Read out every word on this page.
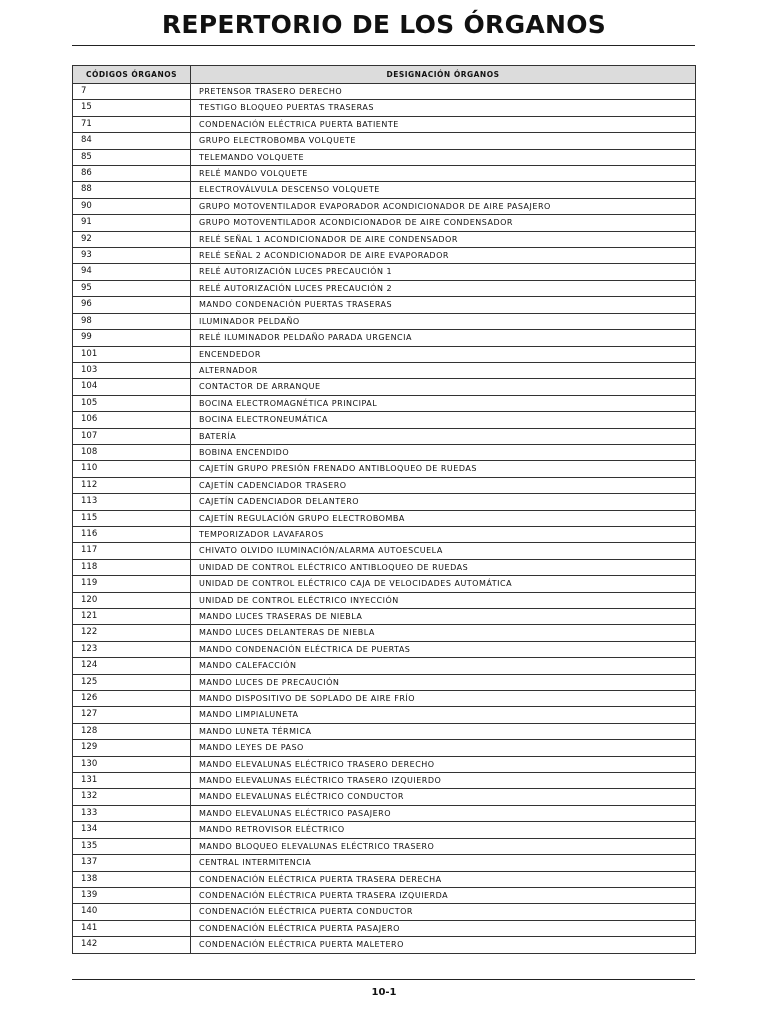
REPERTORIO DE LOS ÓRGANOS
CÓDIGOS ÓRGANOS	DESIGNACIÓN ÓRGANOS
7	PRETENSOR TRASERO DERECHO
15	TESTIGO BLOQUEO PUERTAS TRASERAS
71	CONDENACIÓN ELÉCTRICA PUERTA BATIENTE
84	GRUPO ELECTROBOMBA VOLQUETE
85	TELEMANDO VOLQUETE
86	RELÉ MANDO VOLQUETE
88	ELECTROVÁLVULA DESCENSO VOLQUETE
90	GRUPO MOTOVENTILADOR EVAPORADOR ACONDICIONADOR DE AIRE PASAJERO
91	GRUPO MOTOVENTILADOR ACONDICIONADOR DE AIRE CONDENSADOR
92	RELÉ SEÑAL 1 ACONDICIONADOR DE AIRE CONDENSADOR
93	RELÉ SEÑAL 2 ACONDICIONADOR DE AIRE EVAPORADOR
94	RELÉ AUTORIZACIÓN LUCES PRECAUCIÓN 1
95	RELÉ AUTORIZACIÓN LUCES PRECAUCIÓN 2
96	MANDO CONDENACIÓN PUERTAS TRASERAS
98	ILUMINADOR PELDAÑO
99	RELÉ ILUMINADOR PELDAÑO PARADA URGENCIA
101	ENCENDEDOR
103	ALTERNADOR
104	CONTACTOR DE ARRANQUE
105	BOCINA ELECTROMAGNÉTICA PRINCIPAL
106	BOCINA ELECTRONEUMÁTICA
107	BATERÍA
108	BOBINA ENCENDIDO
110	CAJETÍN GRUPO PRESIÓN FRENADO ANTIBLOQUEO DE RUEDAS
112	CAJETÍN CADENCIADOR TRASERO
113	CAJETÍN CADENCIADOR DELANTERO
115	CAJETÍN REGULACIÓN GRUPO ELECTROBOMBA
116	TEMPORIZADOR LAVAFAROS
117	CHIVATO OLVIDO ILUMINACIÓN/ALARMA AUTOESCUELA
118	UNIDAD DE CONTROL ELÉCTRICO ANTIBLOQUEO DE RUEDAS
119	UNIDAD DE CONTROL ELÉCTRICO CAJA DE VELOCIDADES AUTOMÁTICA
120	UNIDAD DE CONTROL ELÉCTRICO INYECCIÓN
121	MANDO LUCES TRASERAS DE NIEBLA
122	MANDO LUCES DELANTERAS DE NIEBLA
123	MANDO CONDENACIÓN ELÉCTRICA DE PUERTAS
124	MANDO CALEFACCIÓN
125	MANDO LUCES DE PRECAUCIÓN
126	MANDO DISPOSITIVO DE SOPLADO DE AIRE FRÍO
127	MANDO LIMPIALUNETA
128	MANDO LUNETA TÉRMICA
129	MANDO LEYES DE PASO
130	MANDO ELEVALUNAS ELÉCTRICO TRASERO DERECHO
131	MANDO ELEVALUNAS ELÉCTRICO TRASERO IZQUIERDO
132	MANDO ELEVALUNAS ELÉCTRICO CONDUCTOR
133	MANDO ELEVALUNAS ELÉCTRICO PASAJERO
134	MANDO RETROVISOR ELÉCTRICO
135	MANDO BLOQUEO ELEVALUNAS ELÉCTRICO TRASERO
137	CENTRAL INTERMITENCIA
138	CONDENACIÓN ELÉCTRICA PUERTA TRASERA DERECHA
139	CONDENACIÓN ELÉCTRICA PUERTA TRASERA IZQUIERDA
140	CONDENACIÓN ELÉCTRICA PUERTA CONDUCTOR
141	CONDENACIÓN ELÉCTRICA PUERTA PASAJERO
142	CONDENACIÓN ELÉCTRICA PUERTA MALETERO
10-1
